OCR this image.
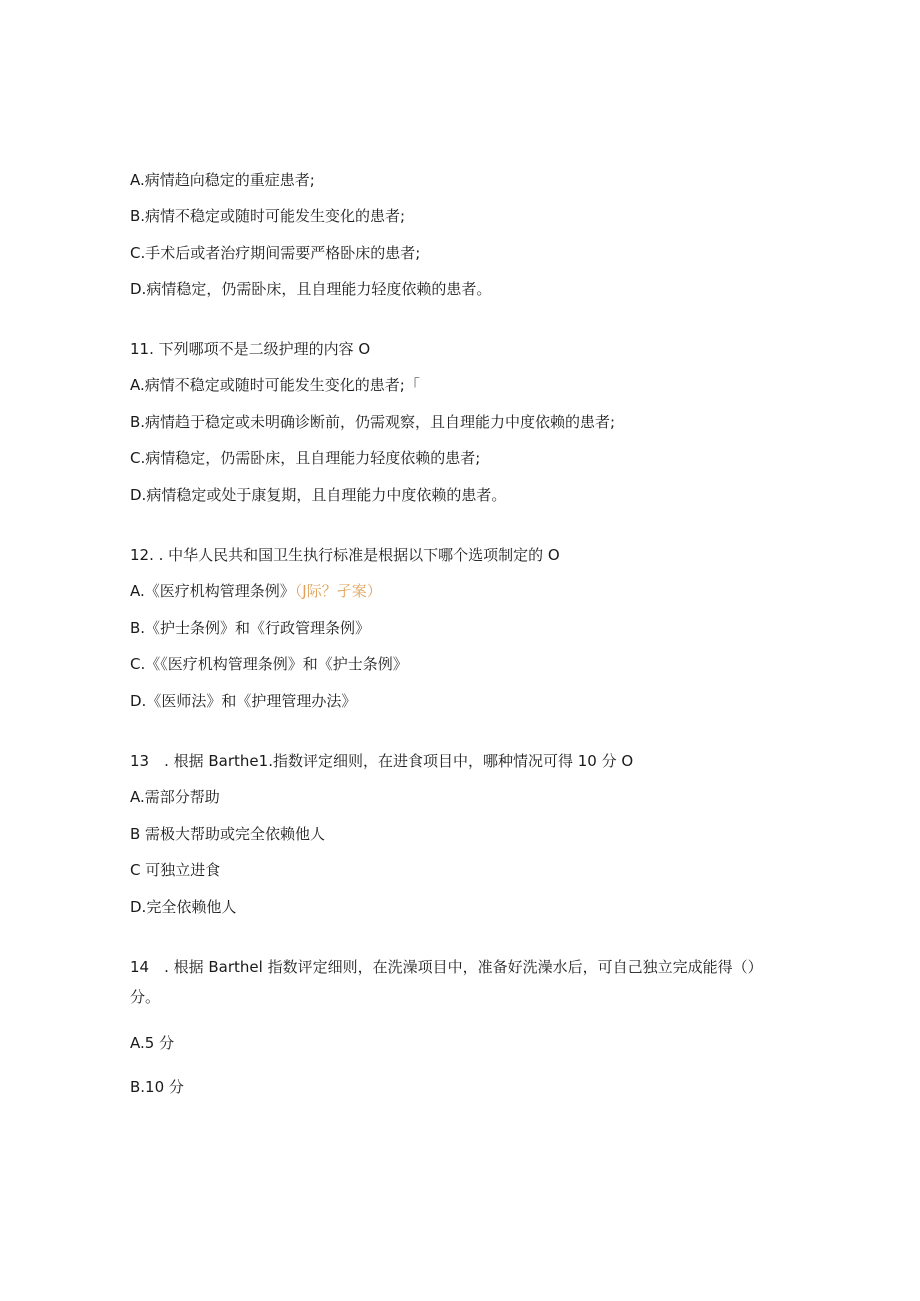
A.病情趋向稳定的重症患者;
B.病情不稳定或随时可能发生变化的患者;
C.手术后或者治疗期间需要严格卧床的患者;
D.病情稳定，仍需卧床，且自理能力轻度依赖的患者。
11. 下列哪项不是二级护理的内容 O
A.病情不稳定或随时可能发生变化的患者;「
B.病情趋于稳定或未明确诊断前，仍需观察，且自理能力中度依赖的患者;
C.病情稳定，仍需卧床，且自理能力轻度依赖的患者;
D.病情稳定或处于康复期，且自理能力中度依赖的患者。
12. . 中华人民共和国卫生执行标准是根据以下哪个选项制定的 O
A.《医疗机构管理条例》（J际？孑案）
B.《护士条例》和《行政管理条例》
C.《《医疗机构管理条例》和《护士条例》
D.《医师法》和《护理管理办法》
13　. 根据 Barthe1.指数评定细则，在进食项目中，哪种情况可得 10 分 O
A.需部分帮助
B 需极大帮助或完全依赖他人
C 可独立进食
D.完全依赖他人
14　. 根据 Barthel 指数评定细则，在洗澡项目中，准备好洗澡水后，可自己独立完成能得（）分。
A.5 分
B.10 分
